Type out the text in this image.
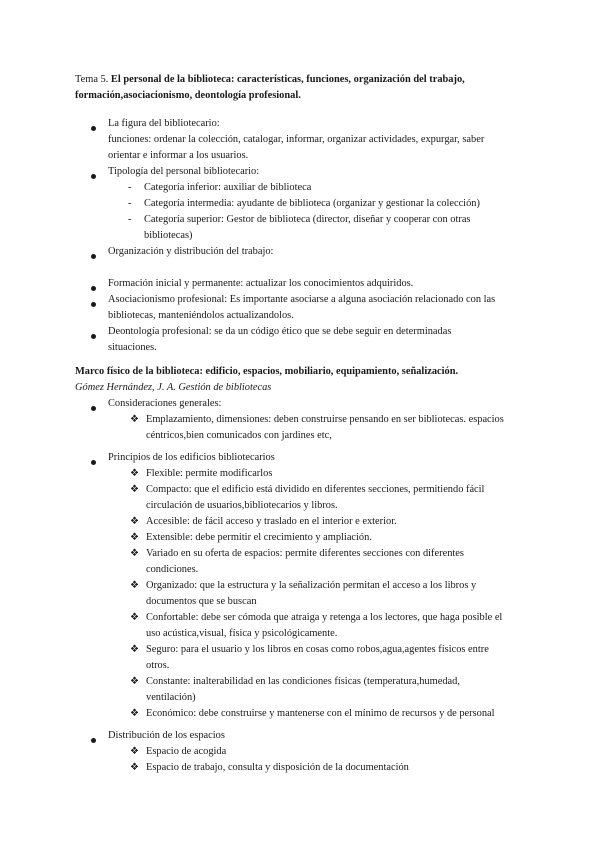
Tema 5. El personal de la biblioteca: características, funciones, organización del trabajo, formación,asociacionismo, deontología profesional.
La figura del bibliotecario:
funciones: ordenar la colección, catalogar, informar, organizar actividades, expurgar, saber
orientar e informar a los usuarios.
Tipología del personal bibliotecario:
- Categoría inferior: auxiliar de biblioteca
- Categoría intermedia: ayudante de biblioteca (organizar y gestionar la colección)
- Categoría superior: Gestor de biblioteca (director, diseñar y cooperar con otras
bibliotecas)
Organización y distribución del trabajo:
Formación inicial y permanente: actualizar los conocimientos adquiridos.
Asociacionismo profesional: Es importante asociarse a alguna asociación relacionado con las
bibliotecas, manteniéndolos actualizandolos.
Deontología profesional: se da un código ético que se debe seguir en determinadas
situaciones.
Marco físico de la biblioteca: edificio, espacios, mobiliario, equipamiento, señalización.
Gómez Hernández, J. A. Gestión de bibliotecas
Consideraciones generales:
❖ Emplazamiento, dimensiones: deben construirse pensando en ser bibliotecas. espacios
céntricos,bien comunicados con jardines etc,
Principios de los edificios bibliotecarios
❖ Flexible: permite modificarlos
❖ Compacto: que el edificio está dividido en diferentes secciones, permitiendo fácil
circulación de usuarios,bibliotecarios y libros.
❖ Accesible: de fácil acceso y traslado en el interior e exterior.
❖ Extensible: debe permitir el crecimiento y ampliación.
❖ Variado en su oferta de espacios: permite diferentes secciones con diferentes
condiciones.
❖ Organizado: que la estructura y la señalización permitan el acceso a los libros y
documentos que se buscan
❖ Confortable: debe ser cómoda que atraiga y retenga a los lectores, que haga posible el
uso acústica,visual, física y psicológicamente.
❖ Seguro: para el usuario y los libros en cosas como robos,agua,agentes físicos entre
otros.
❖ Constante: inalterabilidad en las condiciones físicas (temperatura,humedad,
ventilación)
❖ Económico: debe construirse y mantenerse con el mínimo de recursos y de personal
Distribución de los espacios
❖ Espacio de acogida
❖ Espacio de trabajo, consulta y disposición de la documentación
